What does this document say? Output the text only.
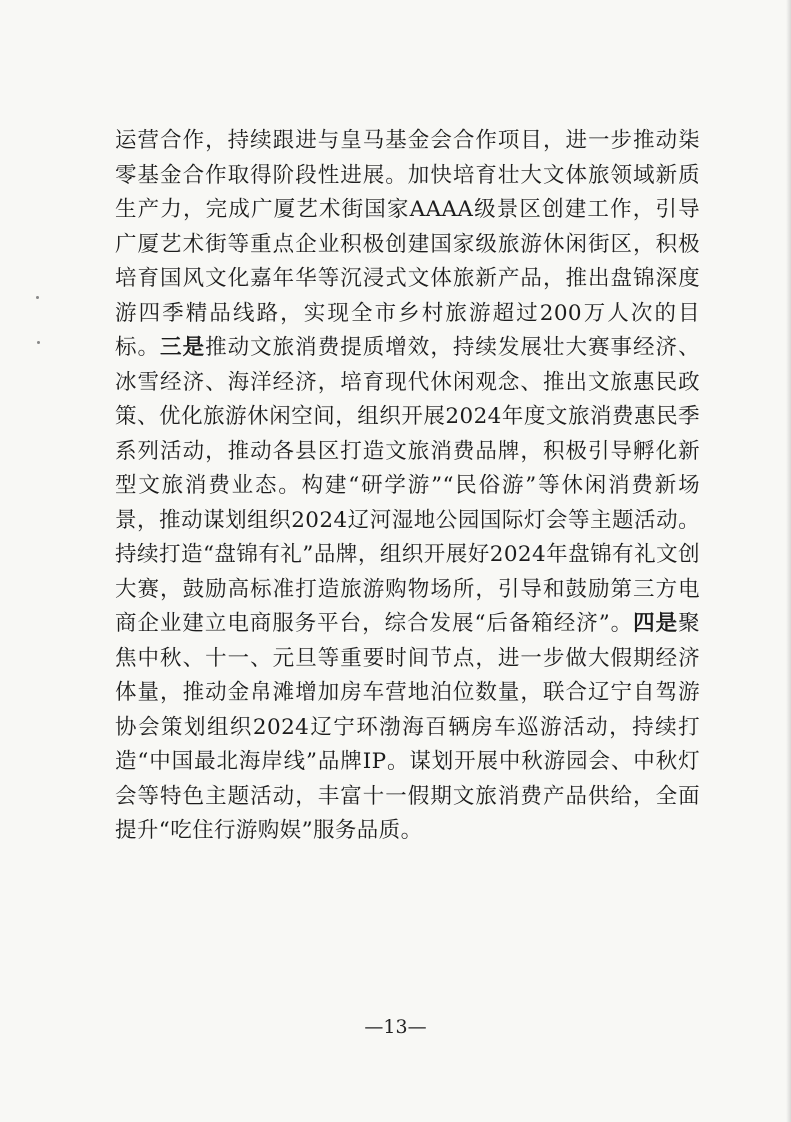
运营合作，持续跟进与皇马基金会合作项目，进一步推动柒零基金合作取得阶段性进展。加快培育壮大文体旅领域新质生产力，完成广厦艺术街国家AAAA级景区创建工作，引导广厦艺术街等重点企业积极创建国家级旅游休闲街区，积极培育国风文化嘉年华等沉浸式文体旅新产品，推出盘锦深度游四季精品线路，实现全市乡村旅游超过200万人次的目标。三是推动文旅消费提质增效，持续发展壮大赛事经济、冰雪经济、海洋经济，培育现代休闲观念、推出文旅惠民政策、优化旅游休闲空间，组织开展2024年度文旅消费惠民季系列活动，推动各县区打造文旅消费品牌，积极引导孵化新型文旅消费业态。构建“研学游”“民俗游”等休闲消费新场景，推动谋划组织2024辽河湿地公园国际灯会等主题活动。持续打造“盘锦有礼”品牌，组织开展好2024年盘锦有礼文创大赛，鼓励高标准打造旅游购物场所，引导和鼓励第三方电商企业建立电商服务平台，综合发展“后备箱经济”。四是聚焦中秋、十一、元旦等重要时间节点，进一步做大假期经济体量，推动金帛滩增加房车营地泊位数量，联合辽宁自驾游协会策划组织2024辽宁环渤海百辆房车巡游活动，持续打造“中国最北海岸线”品牌IP。谋划开展中秋游园会、中秋灯会等特色主题活动，丰富十一假期文旅消费产品供给，全面提升“吃住行游购娱”服务品质。

—13—
